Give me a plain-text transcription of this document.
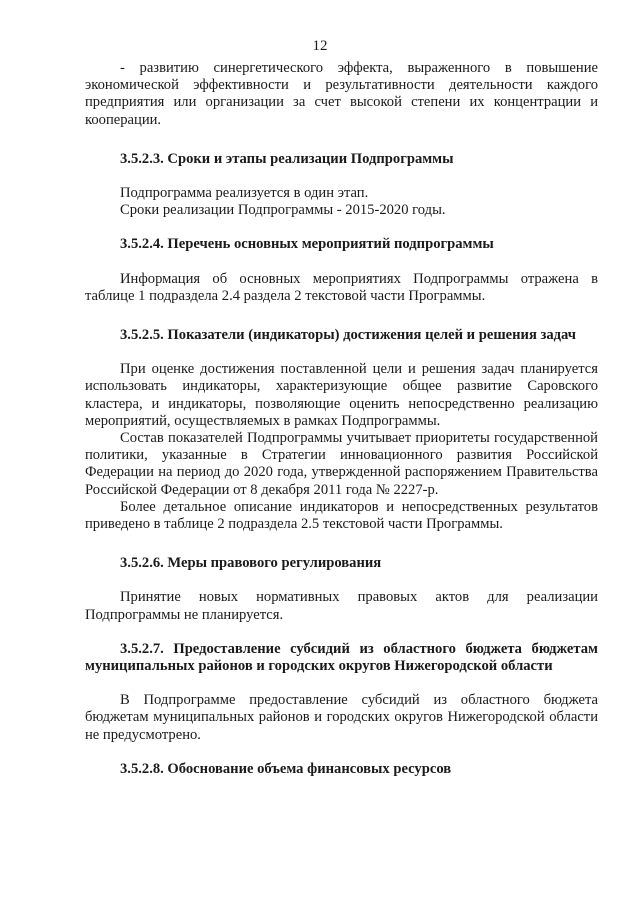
12

- развитию синергетического эффекта, выраженного в повышение экономической эффективности и результативности деятельности каждого предприятия или организации за счет высокой степени их концентрации и кооперации.

3.5.2.3. Сроки и этапы реализации Подпрограммы

Подпрограмма реализуется в один этап.

Сроки реализации Подпрограммы - 2015-2020 годы.

3.5.2.4. Перечень основных мероприятий подпрограммы

Информация об основных мероприятиях Подпрограммы отражена в таблице 1 подраздела 2.4 раздела 2 текстовой части Программы.

3.5.2.5. Показатели (индикаторы) достижения целей и решения задач

При оценке достижения поставленной цели и решения задач планируется использовать индикаторы, характеризующие общее развитие Саровского кластера, и индикаторы, позволяющие оценить непосредственно реализацию мероприятий, осуществляемых в рамках Подпрограммы.

Состав показателей Подпрограммы учитывает приоритеты государственной политики, указанные в Стратегии инновационного развития Российской Федерации на период до 2020 года, утвержденной распоряжением Правительства Российской Федерации от 8 декабря 2011 года № 2227-р.

Более детальное описание индикаторов и непосредственных результатов приведено в таблице 2 подраздела 2.5 текстовой части Программы.

3.5.2.6. Меры правового регулирования

Принятие новых нормативных правовых актов для реализации Подпрограммы не планируется.

3.5.2.7. Предоставление субсидий из областного бюджета бюджетам муниципальных районов и городских округов Нижегородской области

В Подпрограмме предоставление субсидий из областного бюджета бюджетам муниципальных районов и городских округов Нижегородской области не предусмотрено.

3.5.2.8. Обоснование объема финансовых ресурсов
